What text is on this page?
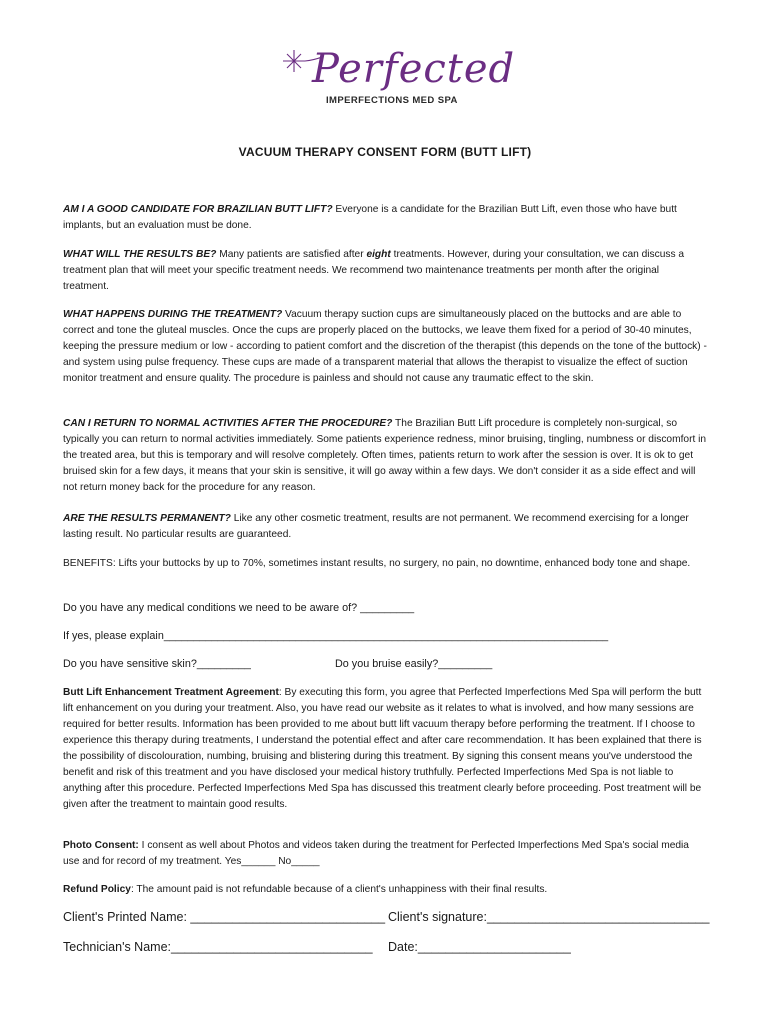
Perfected
IMPERFECTIONS MED SPA
VACUUM THERAPY CONSENT FORM (BUTT LIFT)

AM I A GOOD CANDIDATE FOR BRAZILIAN BUTT LIFT? Everyone is a candidate for the Brazilian Butt Lift, even those who have butt implants, but an evaluation must be done.

WHAT WILL THE RESULTS BE? Many patients are satisfied after eight treatments. However, during your consultation, we can discuss a treatment plan that will meet your specific treatment needs. We recommend two maintenance treatments per month after the original treatment.

WHAT HAPPENS DURING THE TREATMENT? Vacuum therapy suction cups are simultaneously placed on the buttocks and are able to correct and tone the gluteal muscles. Once the cups are properly placed on the buttocks, we leave them fixed for a period of 30-40 minutes, keeping the pressure medium or low - according to patient comfort and the discretion of the therapist (this depends on the tone of the buttock) - and system using pulse frequency. These cups are made of a transparent material that allows the therapist to visualize the effect of suction monitor treatment and ensure quality. The procedure is painless and should not cause any traumatic effect to the skin.

CAN I RETURN TO NORMAL ACTIVITIES AFTER THE PROCEDURE? The Brazilian Butt Lift procedure is completely non-surgical, so typically you can return to normal activities immediately. Some patients experience redness, minor bruising, tingling, numbness or discomfort in the treated area, but this is temporary and will resolve completely. Often times, patients return to work after the session is over. It is ok to get bruised skin for a few days, it means that your skin is sensitive, it will go away within a few days. We don't consider it as a side effect and will not return money back for the procedure for any reason.

ARE THE RESULTS PERMANENT? Like any other cosmetic treatment, results are not permanent. We recommend exercising for a longer lasting result. No particular results are guaranteed.

BENEFITS: Lifts your buttocks by up to 70%, sometimes instant results, no surgery, no pain, no downtime, enhanced body tone and shape.
Do you have any medical conditions we need to be aware of? _________
If yes, please explain__________________________________________________________________________
Do you have sensitive skin?_________	Do you bruise easily?_________

Butt Lift Enhancement Treatment Agreement: By executing this form, you agree that Perfected Imperfections Med Spa will perform the butt lift enhancement on you during your treatment. Also, you have read our website as it relates to what is involved, and how many sessions are required for better results. Information has been provided to me about butt lift vacuum therapy before performing the treatment. If I choose to experience this therapy during treatments, I understand the potential effect and after care recommendation. It has been explained that there is the possibility of discolouration, numbing, bruising and blistering during this treatment. By signing this consent means you've understood the benefit and risk of this treatment and you have disclosed your medical history truthfully. Perfected Imperfections Med Spa is not liable to anything after this procedure. Perfected Imperfections Med Spa has discussed this treatment clearly before proceeding. Post treatment will be given after the treatment to maintain good results.

Photo Consent: I consent as well about Photos and videos taken during the treatment for Perfected Imperfections Med Spa's social media use and for record of my treatment. Yes______ No_____

Refund Policy: The amount paid is not refundable because of a client's unhappiness with their final results.

Client's Printed Name: ____________________________ Client's signature:________________________________
Technician's Name:_____________________________ Date:______________________
